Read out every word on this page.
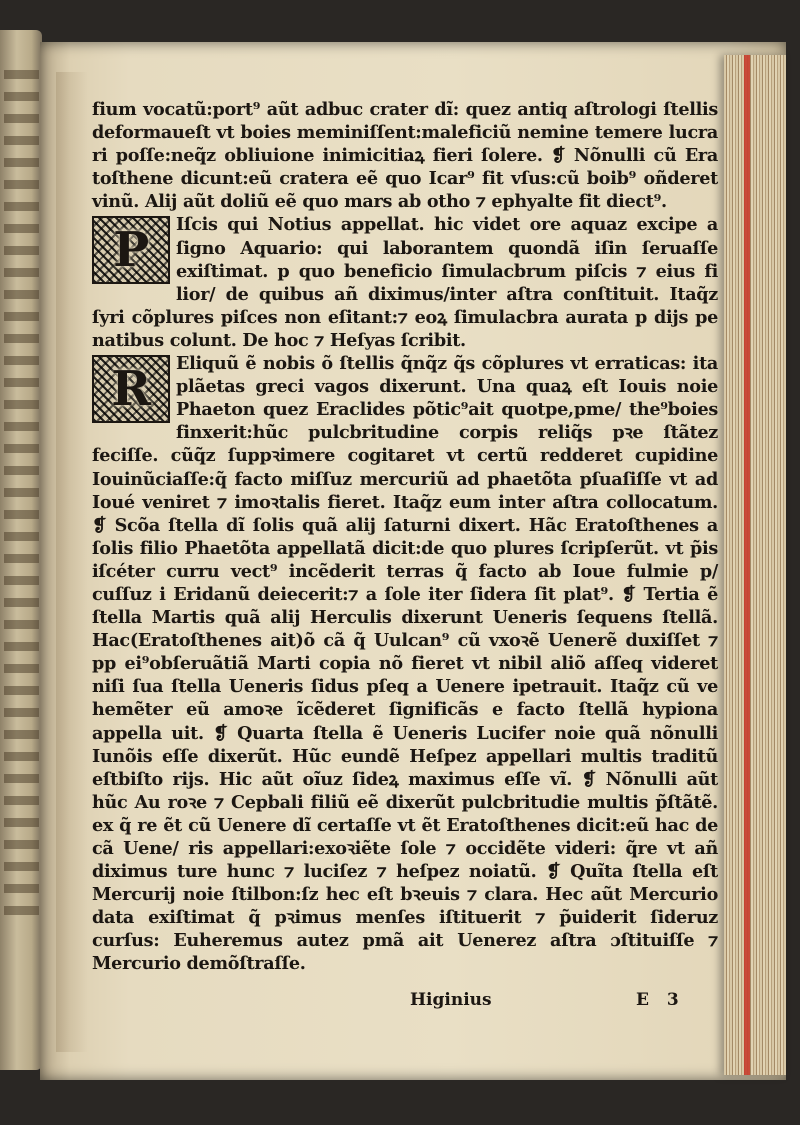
fium vocatũ:port⁹ aũt adbuc crater dĩ: quez antiq aſtrologi ſtellis deformaueſt vt boies meminiſſent:maleficiũ nemine temere lucra ri poſſe:neq̃z obliuione inimicitiaꝝ fieri ſolere. ❡ Nõnulli cũ Era toſthene dicunt:eũ cratera eẽ quo Icar⁹ fit vſus:cũ boib⁹ oñderet vinũ. Alij aũt doliũ eẽ quo mars ab otho ⁊ ephyalte fit diect⁹.

P	Iſcis qui Notius appellat. hic videt ore aquaz excipe a ſigno Aquario: qui laborantem quondã iſin ſeruaſſe exiſtimat. p quo beneficio ſimulacbrum piſcis ⁊ eius fi lior/ de quibus añ diximus/inter aſtra conſtituit. Itaq̃z ſyri cõplures piſces non eſitant:⁊ eoꝝ ſimulacbra aurata p dijs pe natibus colunt. De hoc ⁊ Heſyas ſcribit.

R	Eliquũ ẽ nobis õ ſtellis q̃nq̃z q̃s cõplures vt erraticas: ita plãetas greci vagos dixerunt. Una quaꝝ eſt Iouis noie Phaeton quez Eraclides põtic⁹ait quotpe,pme/ the⁹boies finxerit:hũc pulcbritudine corpis reliq̃s pꝛe ſtãtez feciſſe. cũq̃z ſuppꝛimere cogitaret vt certũ redderet cupidine Iouinũciaſſe:q̃ facto miſſuz mercuriũ ad phaetõta pſuaſiſſe vt ad Ioué veniret ⁊ imoꝛtalis fieret. Itaq̃z eum inter aſtra collocatum. ❡ Scõa ſtella dĩ ſolis quã alij ſaturni dixert. Hãc Eratoſthenes a ſolis filio Phaetõta appellatã dicit:de quo plures ſcripſerũt. vt p̃is iſcéter curru vect⁹ incẽderit terras q̃ facto ab Ioue fulmie p/ cuſſuz i Eridanũ deiecerit:⁊ a ſole iter ſidera ſit plat⁹. ❡ Tertia ẽ ſtella Martis quã alij Herculis dixerunt Ueneris ſequens ſtellã. Hac(Eratoſthenes ait)õ cã q̃ Uulcan⁹ cũ vxoꝛẽ Uenerẽ duxiſſet ⁊ pp ei⁹obſeruãtiã Marti copia nõ fieret vt nibil aliõ aſſeq videret niſi ſua ſtella Ueneris ſidus pſeq a Uenere ipetrauit. Itaq̃z cũ ve hemẽter eũ amoꝛe ĩcẽderet ſignificãs e facto ſtellã hypiona appella uit. ❡ Quarta ſtella ẽ Ueneris Lucifer noie quã nõnulli Iunõis eſſe dixerũt. Hũc eundẽ Heſpez appellari multis traditũ eſtbiſto rijs. Hic aũt oĩuz ſideꝝ maximus eſſe vĩ. ❡ Nõnulli aũt hũc Au roꝛe ⁊ Cepbali filiũ eẽ dixerũt pulcbritudie multis p̃ſtãtẽ. ex q̃ re ẽt cũ Uenere dĩ certaſſe vt ẽt Eratoſthenes dicit:eũ hac de cã Uene/ ris appellari:exoꝛiẽte ſole ⁊ occidẽte videri: q̃re vt añ diximus ture hunc ⁊ luciſez ⁊ heſpez noiatũ. ❡ Quĩta ſtella eſt Mercurij noie ſtilbon:ſz hec eſt bꝛeuis ⁊ clara. Hec aũt Mercurio data exiſtimat q̃ pꝛimus menſes iſtituerit ⁊ p̃uiderit ſideruz curſus: Euheremus autez pmã ait Uenerez aſtra ɔſtituiſſe ⁊ Mercurio demõſtraſſe.

Higinius	E 3
